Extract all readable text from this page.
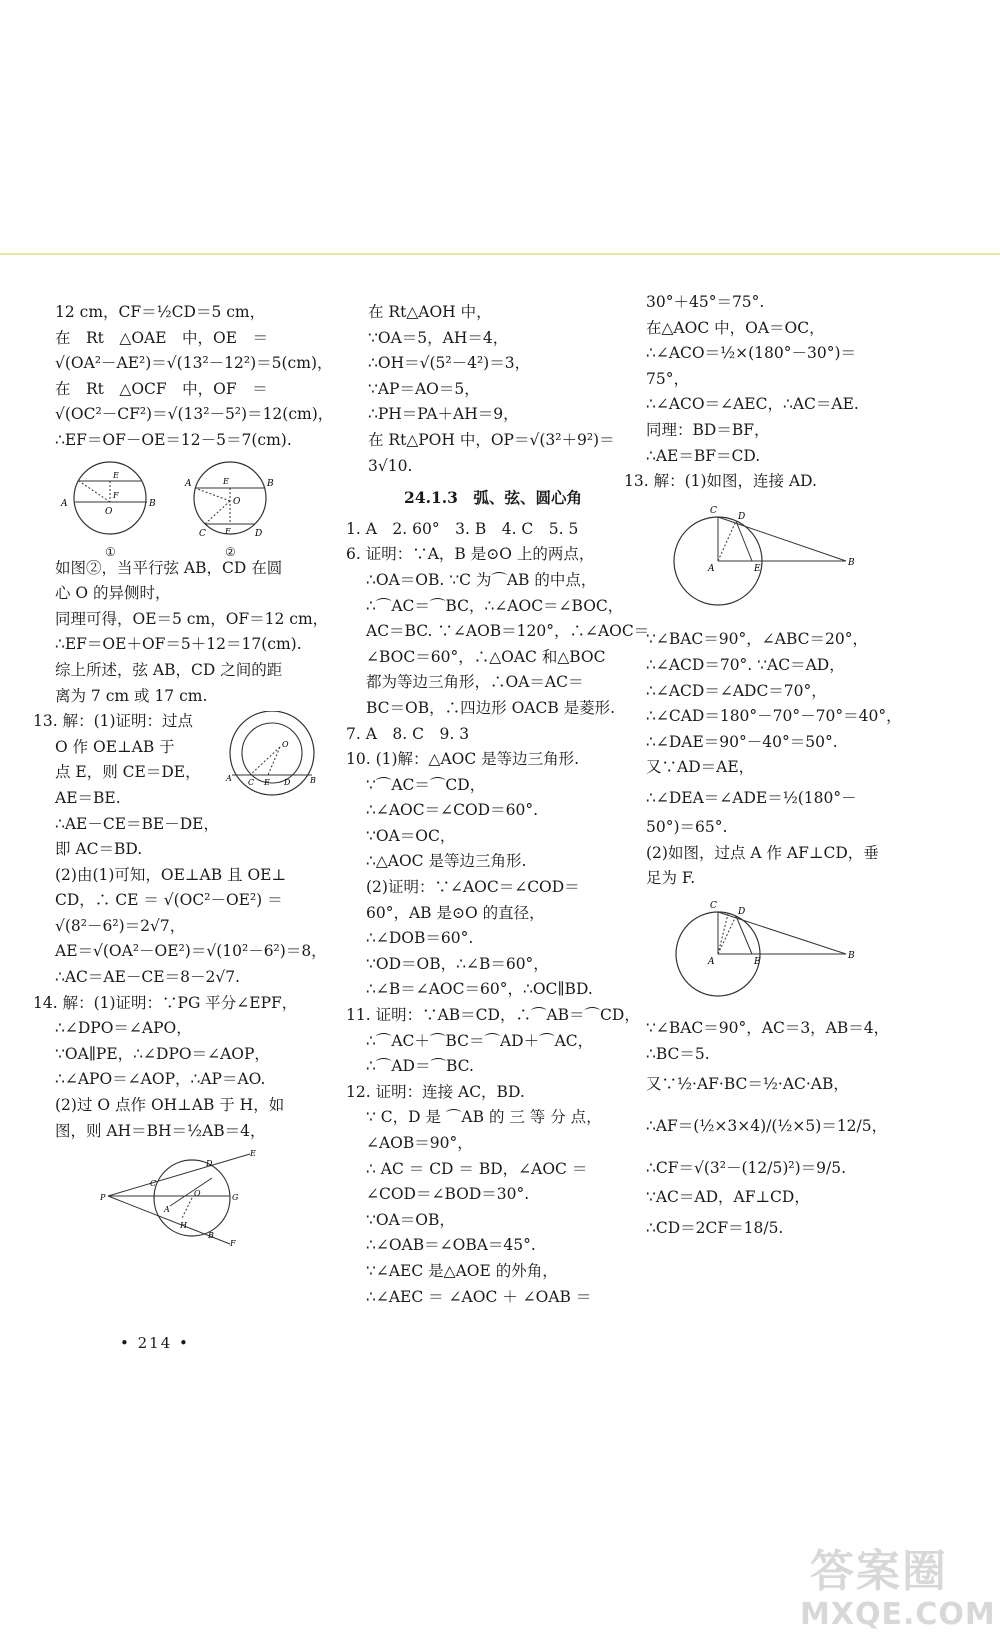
12 cm，CF＝½CD＝5 cm，
在　Rt　△OAE　中，OE　＝
√(OA²－AE²)＝√(13²－12²)＝5(cm)，
在　Rt　△OCF　中，OF　＝
√(OC²－CF²)＝√(13²－5²)＝12(cm)，
∴EF＝OF－OE＝12－5＝7(cm).
A	B
O
E
F
A	B
O
E
C	D
F
①	②
如图②，当平行弦 AB，CD 在圆
心 O 的异侧时，
同理可得，OE＝5 cm，OF＝12 cm，
∴EF＝OE＋OF＝5＋12＝17(cm).
综上所述，弦 AB，CD 之间的距
离为 7 cm 或 17 cm.
O
A C E D B
13. 解：(1)证明：过点
O 作 OE⊥AB 于
点 E，则 CE＝DE，
AE＝BE.
∴AE－CE＝BE－DE，
即 AC＝BD.
(2)由(1)可知，OE⊥AB 且 OE⊥
CD，∴ CE ＝ √(OC²－OE²) ＝
√(8²－6²)＝2√7，
AE＝√(OA²－OE²)＝√(10²－6²)＝8，
∴AC＝AE－CE＝8－2√7.
14. 解：(1)证明：∵PG 平分∠EPF，
∴∠DPO＝∠APO，
∵OA∥PE，∴∠DPO＝∠AOP，
∴∠APO＝∠AOP，∴AP＝AO.
(2)过 O 点作 OH⊥AB 于 H，如
图，则 AH＝BH＝½AB＝4，
P
C
D
E
O	G
A
H
B
F
在 Rt△AOH 中，
∵OA＝5，AH＝4，
∴OH＝√(5²－4²)＝3，
∵AP＝AO＝5，
∴PH＝PA＋AH＝9，
在 Rt△POH 中，OP＝√(3²＋9²)＝
3√10.
24.1.3　弧、弦、圆心角
1. A　2. 60°　3. B　4. C　5. 5
6. 证明：∵A，B 是⊙O 上的两点，
∴OA＝OB. ∵C 为⌒AB 的中点，
∴⌒AC＝⌒BC，∴∠AOC＝∠BOC，
AC＝BC. ∵∠AOB＝120°，∴∠AOC＝
∠BOC＝60°，∴△OAC 和△BOC
都为等边三角形，∴OA＝AC＝
BC＝OB，∴四边形 OACB 是菱形.
7. A　8. C　9. 3
10. (1)解：△AOC 是等边三角形.
∵⌒AC＝⌒CD，
∴∠AOC＝∠COD＝60°.
∵OA＝OC，
∴△AOC 是等边三角形.
(2)证明：∵∠AOC＝∠COD＝
60°，AB 是⊙O 的直径，
∴∠DOB＝60°.
∵OD＝OB，∴∠B＝60°，
∴∠B＝∠AOC＝60°，∴OC∥BD.
11. 证明：∵AB＝CD，∴⌒AB＝⌒CD，
∴⌒AC＋⌒BC＝⌒AD＋⌒AC，
∴⌒AD＝⌒BC.
12. 证明：连接 AC，BD.
∵ C，D 是 ⌒AB 的 三 等 分 点，
∠AOB＝90°，
∴ AC ＝ CD ＝ BD，∠AOC ＝
∠COD＝∠BOD＝30°.
∵OA＝OB，
∴∠OAB＝∠OBA＝45°.
∵∠AEC 是△AOE 的外角，
∴∠AEC ＝ ∠AOC ＋ ∠OAB ＝
30°＋45°＝75°.
在△AOC 中，OA＝OC，
∴∠ACO＝½×(180°－30°)＝
75°，
∴∠ACO＝∠AEC，∴AC＝AE.
同理：BD＝BF，
∴AE＝BF＝CD.
13. 解：(1)如图，连接 AD.
C
D
A	E
B
∵∠BAC＝90°，∠ABC＝20°，
∴∠ACD＝70°. ∵AC＝AD，
∴∠ACD＝∠ADC＝70°，
∴∠CAD＝180°－70°－70°＝40°，
∴∠DAE＝90°－40°＝50°.
又∵AD＝AE，
∴∠DEA＝∠ADE＝½(180°－
50°)＝65°.
(2)如图，过点 A 作 AF⊥CD，垂
足为 F.
C
D
A	E
B
∵∠BAC＝90°，AC＝3，AB＝4，
∴BC＝5.
又∵½·AF·BC＝½·AC·AB，
∴AF＝(½×3×4)/(½×5)＝12/5，
∴CF＝√(3²－(12/5)²)＝9/5.
∵AC＝AD，AF⊥CD，
∴CD＝2CF＝18/5.
• 214 •
答案圈
MXQE.COM
